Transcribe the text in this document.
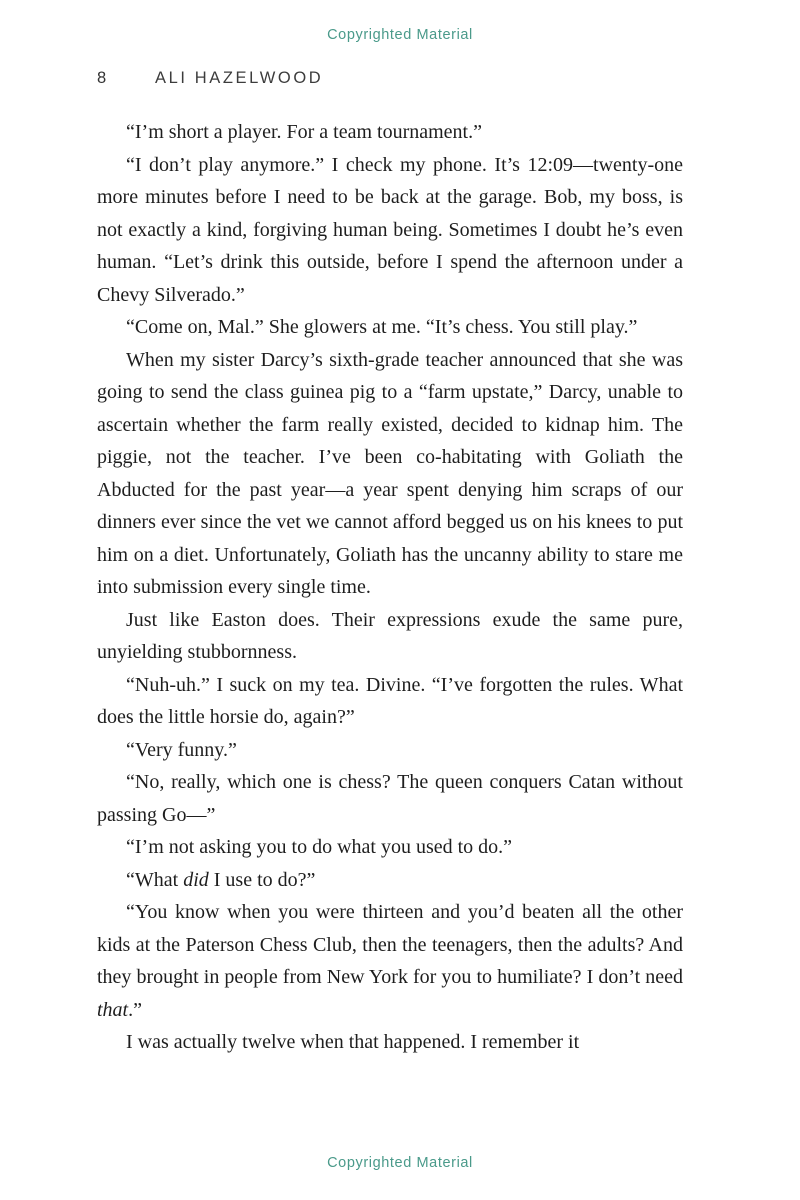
Copyrighted Material
8	ALI HAZELWOOD

“I’m short a player. For a team tournament.”

“I don’t play anymore.” I check my phone. It’s 12:09—twenty-one more minutes before I need to be back at the garage. Bob, my boss, is not exactly a kind, forgiving human being. Sometimes I doubt he’s even human. “Let’s drink this outside, before I spend the afternoon under a Chevy Silverado.”

“Come on, Mal.” She glowers at me. “It’s chess. You still play.”

When my sister Darcy’s sixth-grade teacher announced that she was going to send the class guinea pig to a “farm upstate,” Darcy, unable to ascertain whether the farm really existed, decided to kidnap him. The piggie, not the teacher. I’ve been co-habitating with Goliath the Abducted for the past year—a year spent denying him scraps of our dinners ever since the vet we cannot afford begged us on his knees to put him on a diet. Unfortunately, Goliath has the uncanny ability to stare me into submission every single time.

Just like Easton does. Their expressions exude the same pure, unyielding stubbornness.

“Nuh-uh.” I suck on my tea. Divine. “I’ve forgotten the rules. What does the little horsie do, again?”

“Very funny.”

“No, really, which one is chess? The queen conquers Catan without passing Go—”

“I’m not asking you to do what you used to do.”

“What did I use to do?”

“You know when you were thirteen and you’d beaten all the other kids at the Paterson Chess Club, then the teenagers, then the adults? And they brought in people from New York for you to humiliate? I don’t need that.”

I was actually twelve when that happened. I remember it

Copyrighted Material
